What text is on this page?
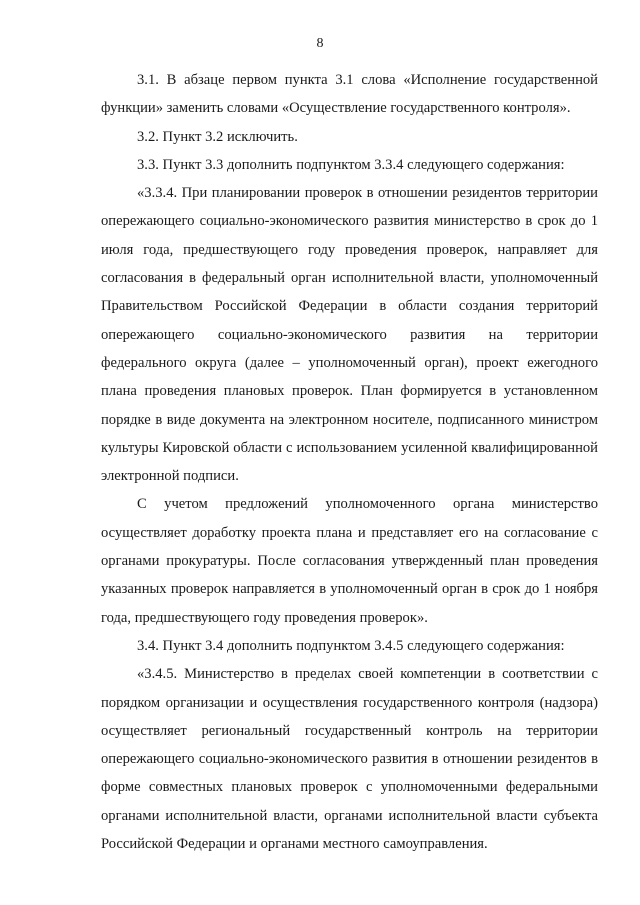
8

3.1. В абзаце первом пункта 3.1 слова «Исполнение государственной функции» заменить словами «Осуществление государственного контроля».

3.2. Пункт 3.2 исключить.

3.3. Пункт 3.3 дополнить подпунктом 3.3.4 следующего содержания:

«3.3.4. При планировании проверок в отношении резидентов территории опережающего социально-экономического развития министерство в срок до 1 июля года, предшествующего году проведения проверок, направляет для согласования в федеральный орган исполнительной власти, уполномоченный Правительством Российской Федерации в области создания территорий опережающего социально-экономического развития на территории федерального округа (далее – уполномоченный орган), проект ежегодного плана проведения плановых проверок. План формируется в установленном порядке в виде документа на электронном носителе, подписанного министром культуры Кировской области с использованием усиленной квалифицированной электронной подписи.

С учетом предложений уполномоченного органа министерство осуществляет доработку проекта плана и представляет его на согласование с органами прокуратуры. После согласования утвержденный план проведения указанных проверок направляется в уполномоченный орган в срок до 1 ноября года, предшествующего году проведения проверок».

3.4. Пункт 3.4 дополнить подпунктом 3.4.5 следующего содержания:

«3.4.5. Министерство в пределах своей компетенции в соответствии с порядком организации и осуществления государственного контроля (надзора) осуществляет региональный государственный контроль на территории опережающего социально-экономического развития в отношении резидентов в форме совместных плановых проверок с уполномоченными федеральными органами исполнительной власти, органами исполнительной власти субъекта Российской Федерации и органами местного самоуправления.
